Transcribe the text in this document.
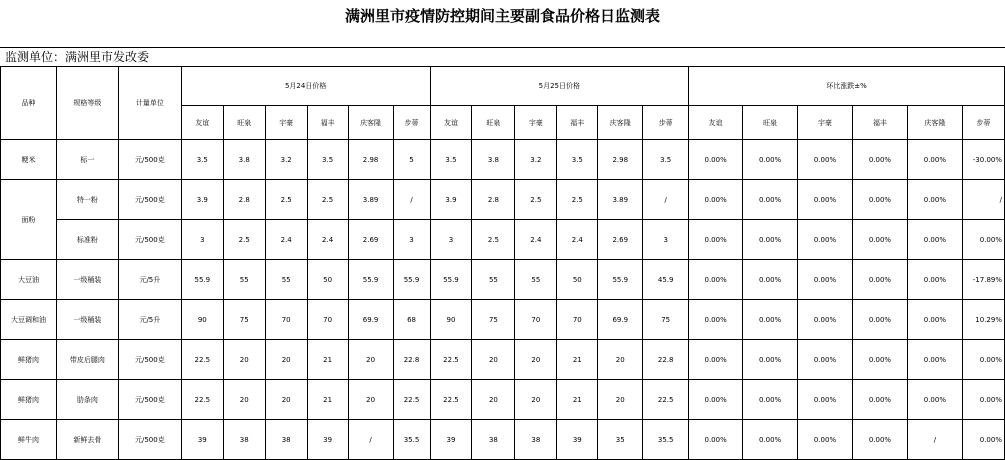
满洲里市疫情防控期间主要副食品价格日监测表
监测单位：满洲里市发改委
品种	规格等级	计量单位	5月24日价格						5月25日价格						环比涨跌±%					
			友谊	旺泉	宇豪	福丰	庆客隆	步蒂	友谊	旺泉	宇豪	福丰	庆客隆	步蒂	友谊	旺泉	宇豪	福丰	庆客隆	步蒂
粳米	标一	元/500克	3.5	3.8	3.2	3.5	2.98	5	3.5	3.8	3.2	3.5	2.98	3.5	0.00%	0.00%	0.00%	0.00%	0.00%	-30.00%
面粉	特一粉	元/500克	3.9	2.8	2.5	2.5	3.89	/	3.9	2.8	2.5	2.5	3.89	/	0.00%	0.00%	0.00%	0.00%	0.00%	/
	标准粉	元/500克	3	2.5	2.4	2.4	2.69	3	3	2.5	2.4	2.4	2.69	3	0.00%	0.00%	0.00%	0.00%	0.00%	0.00%
大豆油	一级桶装	元/5升	55.9	55	55	50	55.9	55.9	55.9	55	55	50	55.9	45.9	0.00%	0.00%	0.00%	0.00%	0.00%	-17.89%
大豆调和油	一级桶装	元/5升	90	75	70	70	69.9	68	90	75	70	70	69.9	75	0.00%	0.00%	0.00%	0.00%	0.00%	10.29%
鲜猪肉	带皮后腿肉	元/500克	22.5	20	20	21	20	22.8	22.5	20	20	21	20	22.8	0.00%	0.00%	0.00%	0.00%	0.00%	0.00%
鲜猪肉	肋条肉	元/500克	22.5	20	20	21	20	22.5	22.5	20	20	21	20	22.5	0.00%	0.00%	0.00%	0.00%	0.00%	0.00%
鲜牛肉	新鲜去骨	元/500克	39	38	38	39	/	35.5	39	38	38	39	35	35.5	0.00%	0.00%	0.00%	0.00%	/	0.00%
